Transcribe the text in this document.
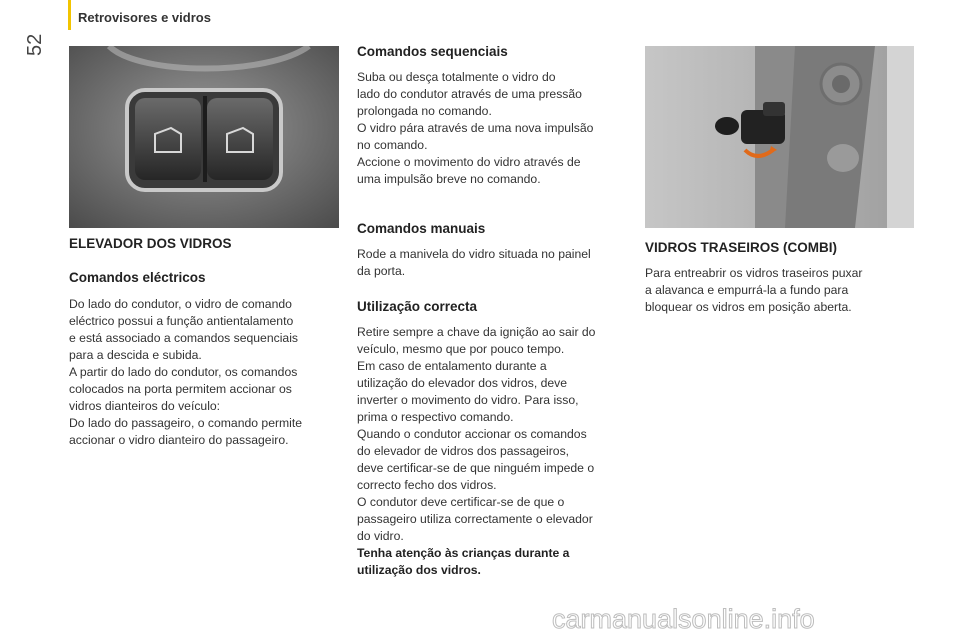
Retrovisores e vidros
52
ELEVADOR DOS VIDROS
Comandos eléctricos

Do lado do condutor, o vidro de comando
eléctrico possui a função antientalamento
e está associado a comandos sequenciais
para a descida e subida.
A partir do lado do condutor, os comandos
colocados na porta permitem accionar os
vidros dianteiros do veículo:
Do lado do passageiro, o comando permite
accionar o vidro dianteiro do passageiro.

Comandos sequenciais

Suba ou desça totalmente o vidro do
lado do condutor através de uma pressão
prolongada no comando.
O vidro pára através de uma nova impulsão
no comando.
Accione o movimento do vidro através de
uma impulsão breve no comando.

Comandos manuais

Rode a manivela do vidro situada no painel
da porta.

Utilização correcta

Retire sempre a chave da ignição ao sair do
veículo, mesmo que por pouco tempo.
Em caso de entalamento durante a
utilização do elevador dos vidros, deve
inverter o movimento do vidro. Para isso,
prima o respectivo comando.
Quando o condutor accionar os comandos
do elevador de vidros dos passageiros,
deve certificar-se de que ninguém impede o
correcto fecho dos vidros.
O condutor deve certificar-se de que o
passageiro utiliza correctamente o elevador
do vidro.

Tenha atenção às crianças durante a
utilização dos vidros.

VIDROS TRASEIROS (COMBI)

Para entreabrir os vidros traseiros puxar
a alavanca e empurrá-la a fundo para
bloquear os vidros em posição aberta.

carmanualsonline.info
